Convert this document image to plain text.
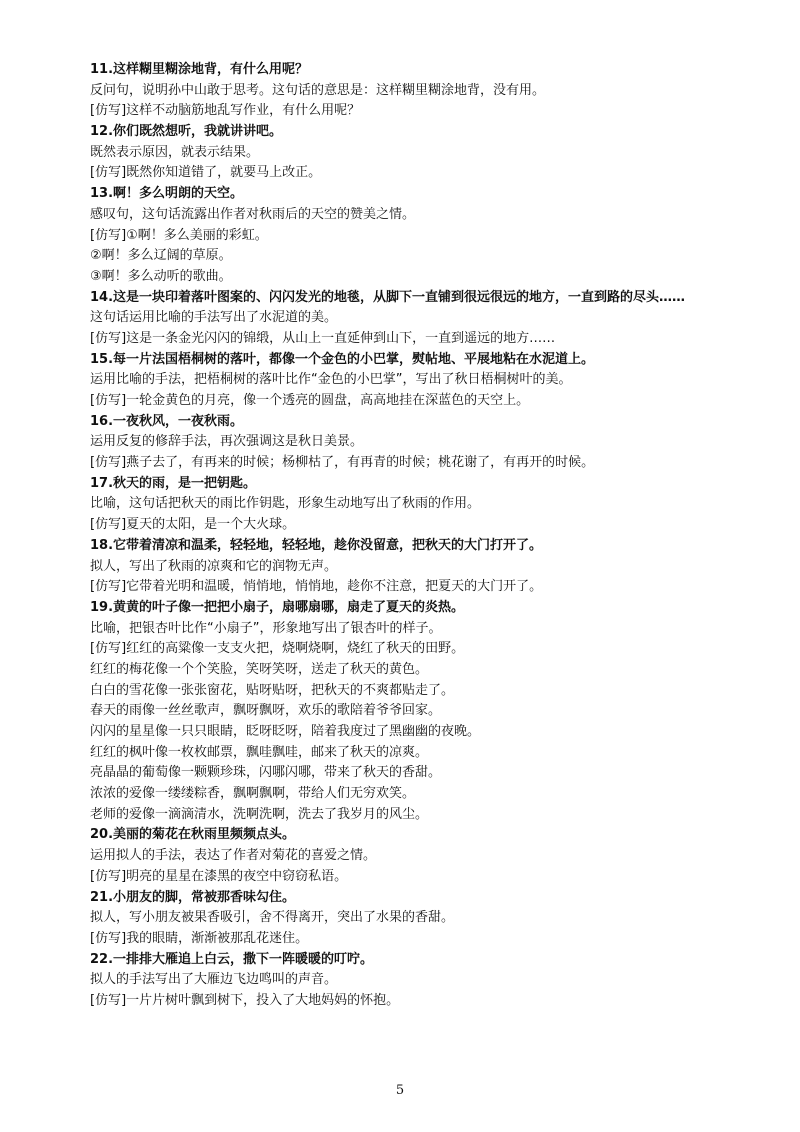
11.这样糊里糊涂地背，有什么用呢？
反问句，说明孙中山敢于思考。这句话的意思是：这样糊里糊涂地背，没有用。
[仿写]这样不动脑筋地乱写作业，有什么用呢？
12.你们既然想听，我就讲讲吧。
既然表示原因，就表示结果。
[仿写]既然你知道错了，就要马上改正。
13.啊！多么明朗的天空。
感叹句，这句话流露出作者对秋雨后的天空的赞美之情。
[仿写]①啊！多么美丽的彩虹。
②啊！多么辽阔的草原。
③啊！多么动听的歌曲。
14.这是一块印着落叶图案的、闪闪发光的地毯，从脚下一直铺到很远很远的地方，一直到路的尽头……
这句话运用比喻的手法写出了水泥道的美。
[仿写]这是一条金光闪闪的锦缎，从山上一直延伸到山下，一直到遥远的地方……
15.每一片法国梧桐树的落叶，都像一个金色的小巴掌，熨帖地、平展地粘在水泥道上。
运用比喻的手法，把梧桐树的落叶比作“金色的小巴掌”，写出了秋日梧桐树叶的美。
[仿写]一轮金黄色的月亮，像一个透亮的圆盘，高高地挂在深蓝色的天空上。
16.一夜秋风，一夜秋雨。
运用反复的修辞手法，再次强调这是秋日美景。
[仿写]燕子去了，有再来的时候；杨柳枯了，有再青的时候；桃花谢了，有再开的时候。
17.秋天的雨，是一把钥匙。
比喻，这句话把秋天的雨比作钥匙，形象生动地写出了秋雨的作用。
[仿写]夏天的太阳，是一个大火球。
18.它带着清凉和温柔，轻轻地，轻轻地，趁你没留意，把秋天的大门打开了。
拟人，写出了秋雨的凉爽和它的润物无声。
[仿写]它带着光明和温暖，悄悄地，悄悄地，趁你不注意，把夏天的大门开了。
19.黄黄的叶子像一把把小扇子，扇哪扇哪，扇走了夏天的炎热。
比喻，把银杏叶比作“小扇子”，形象地写出了银杏叶的样子。
[仿写]红红的高粱像一支支火把，烧啊烧啊，烧红了秋天的田野。
红红的梅花像一个个笑脸，笑呀笑呀，送走了秋天的黄色。
白白的雪花像一张张窗花，贴呀贴呀，把秋天的不爽都贴走了。
春天的雨像一丝丝歌声，飘呀飘呀，欢乐的歌陪着爷爷回家。
闪闪的星星像一只只眼睛，眨呀眨呀，陪着我度过了黑幽幽的夜晚。
红红的枫叶像一枚枚邮票，飘哇飘哇，邮来了秋天的凉爽。
亮晶晶的葡萄像一颗颗珍珠，闪哪闪哪，带来了秋天的香甜。
浓浓的爱像一缕缕粽香，飘啊飘啊，带给人们无穷欢笑。
老师的爱像一滴滴清水，洗啊洗啊，洗去了我岁月的风尘。
20.美丽的菊花在秋雨里频频点头。
运用拟人的手法，表达了作者对菊花的喜爱之情。
[仿写]明亮的星星在漆黑的夜空中窃窃私语。
21.小朋友的脚，常被那香味勾住。
拟人，写小朋友被果香吸引，舍不得离开，突出了水果的香甜。
[仿写]我的眼睛，渐渐被那乱花迷住。
22.一排排大雁追上白云，撒下一阵暖暖的叮咛。
拟人的手法写出了大雁边飞边鸣叫的声音。
[仿写]一片片树叶飘到树下，投入了大地妈妈的怀抱。
5
